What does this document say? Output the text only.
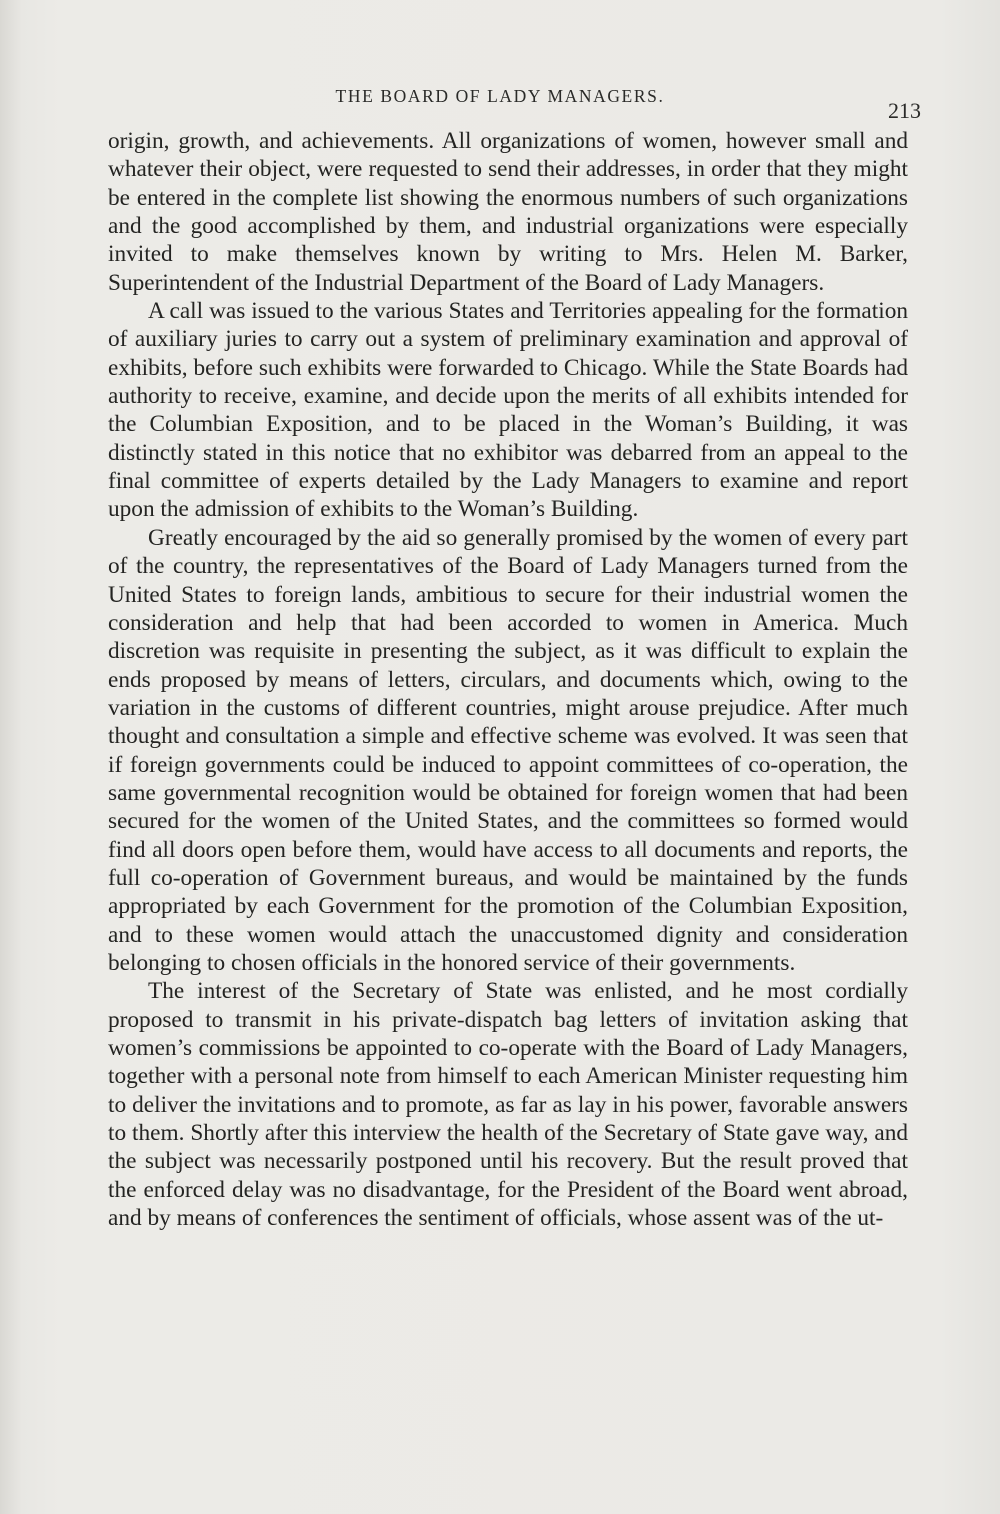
THE BOARD OF LADY MANAGERS.
213

origin, growth, and achievements. All organizations of women, however small and whatever their object, were requested to send their addresses, in order that they might be entered in the complete list showing the enormous numbers of such organizations and the good accomplished by them, and industrial organizations were especially invited to make themselves known by writing to Mrs. Helen M. Barker, Superintendent of the Industrial Department of the Board of Lady Managers.

A call was issued to the various States and Territories appealing for the formation of auxiliary juries to carry out a system of preliminary examination and approval of exhibits, before such exhibits were forwarded to Chicago. While the State Boards had authority to receive, examine, and decide upon the merits of all exhibits intended for the Columbian Exposition, and to be placed in the Woman’s Building, it was distinctly stated in this notice that no exhibitor was debarred from an appeal to the final committee of experts detailed by the Lady Managers to examine and report upon the admission of exhibits to the Woman’s Building.

Greatly encouraged by the aid so generally promised by the women of every part of the country, the representatives of the Board of Lady Managers turned from the United States to foreign lands, ambitious to secure for their industrial women the consideration and help that had been accorded to women in America. Much discretion was requisite in presenting the subject, as it was difficult to explain the ends proposed by means of letters, circulars, and documents which, owing to the variation in the customs of different countries, might arouse prejudice. After much thought and consultation a simple and effective scheme was evolved. It was seen that if foreign governments could be induced to appoint committees of co-operation, the same governmental recognition would be obtained for foreign women that had been secured for the women of the United States, and the committees so formed would find all doors open before them, would have access to all documents and reports, the full co-operation of Government bureaus, and would be maintained by the funds appropriated by each Government for the promotion of the Columbian Exposition, and to these women would attach the unaccustomed dignity and consideration belonging to chosen officials in the honored service of their governments.

The interest of the Secretary of State was enlisted, and he most cordially proposed to transmit in his private-dispatch bag letters of invitation asking that women’s commissions be appointed to co-operate with the Board of Lady Managers, together with a personal note from himself to each American Minister requesting him to deliver the invitations and to promote, as far as lay in his power, favorable answers to them. Shortly after this interview the health of the Secretary of State gave way, and the subject was necessarily postponed until his recovery. But the result proved that the enforced delay was no disadvantage, for the President of the Board went abroad, and by means of conferences the sentiment of officials, whose assent was of the ut-
